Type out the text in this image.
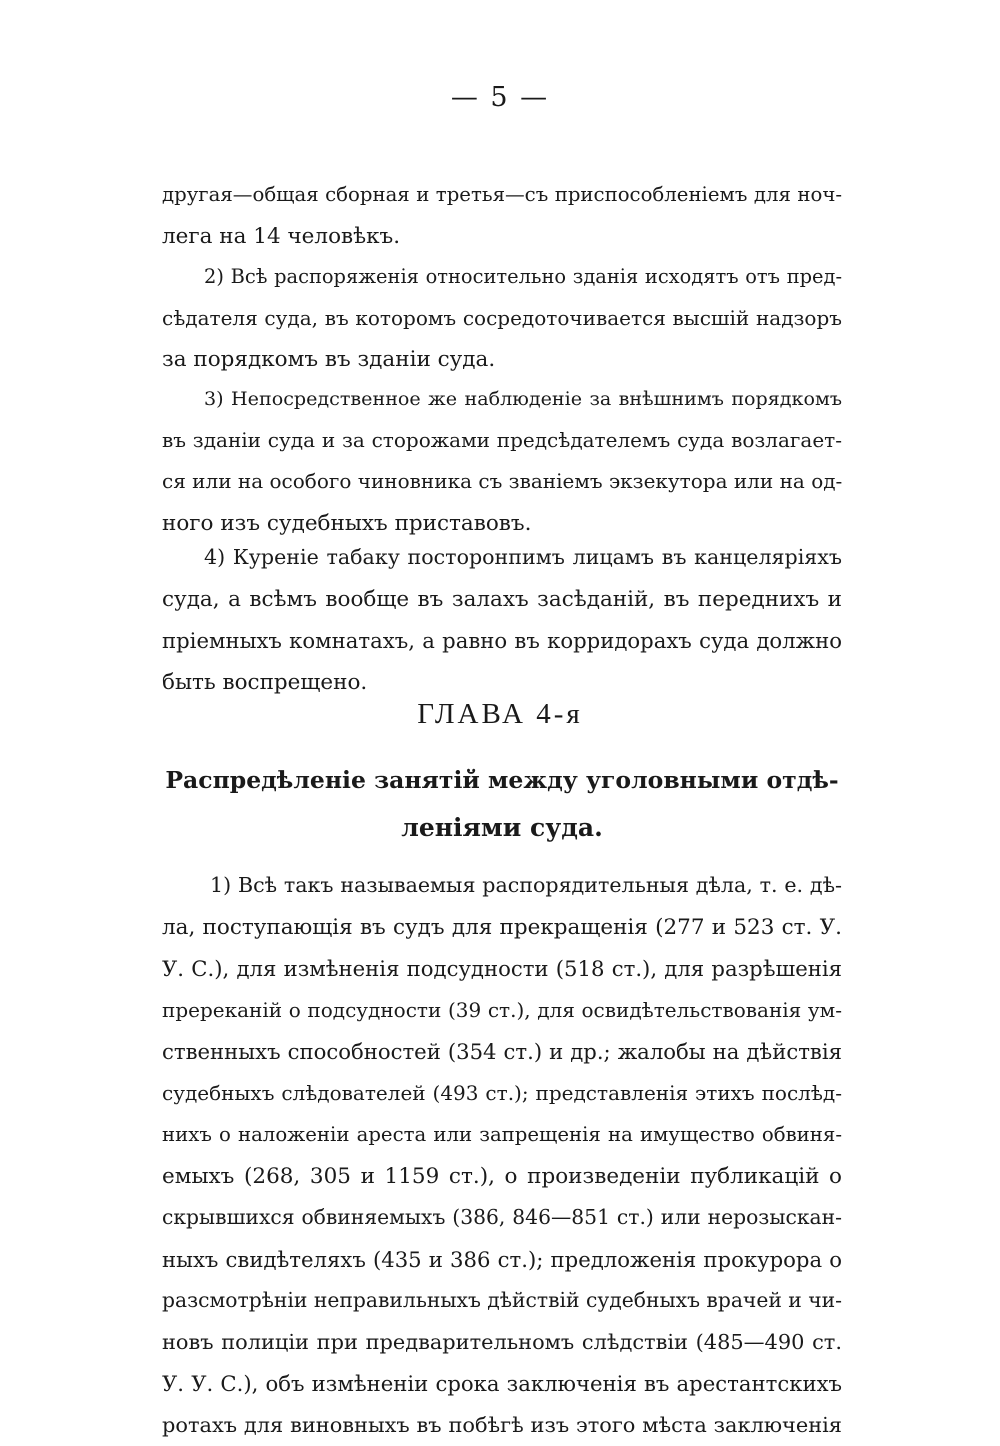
— 5 —
другая—общая сборная и третья—съ приспособленiемъ для ноч-
лега на 14 человѣкъ.
2) Всѣ распоряженiя относительно зданiя исходятъ отъ пред-
сѣдателя суда, въ которомъ сосредоточивается высшiй надзоръ
за порядкомъ въ зданiи суда.
3) Непосредственное же наблюденiе за внѣшнимъ порядкомъ
въ зданiи суда и за сторожами предсѣдателемъ суда возлагает-
ся или на особого чиновника съ званiемъ экзекутора или на од-
ного изъ судебныхъ приставовъ.
4) Куренiе табаку посторонпимъ лицамъ въ канцелярiяхъ
суда, а всѣмъ вообще въ залахъ засѣданiй, въ переднихъ и
прiемныхъ комнатахъ, а равно въ корридорахъ суда должно
быть воспрещено.
ГЛАВА 4-я
Распредѣленiе занятiй между уголовными отдѣ-
ленiями суда.
1) Всѣ такъ называемыя распорядительныя дѣла, т. е. дѣ-
ла, поступающiя въ судъ для прекращенiя (277 и 523 ст. У.
У. С.), для измѣненiя подсудности (518 ст.), для разрѣшенiя
пререканiй о подсудности (39 ст.), для освидѣтельствованiя ум-
ственныхъ способностей (354 ст.) и др.; жалобы на дѣйствiя
судебныхъ слѣдователей (493 ст.); представленiя этихъ послѣд-
нихъ о наложенiи ареста или запрещенiя на имущество обвиня-
емыхъ (268, 305 и 1159 ст.), о произведенiи публикацiй о
скрывшихся обвиняемыхъ (386, 846—851 ст.) или нерозыскан-
ныхъ свидѣтеляхъ (435 и 386 ст.); предложенiя прокурора о
разсмотрѣнiи неправильныхъ дѣйствiй судебныхъ врачей и чи-
новъ полицiи при предварительномъ слѣдствiи (485—490 ст.
У. У. С.), объ измѣненiи срока заключенiя въ арестантскихъ
ротахъ для виновныхъ въ побѣгѣ изъ этого мѣста заключенiя
